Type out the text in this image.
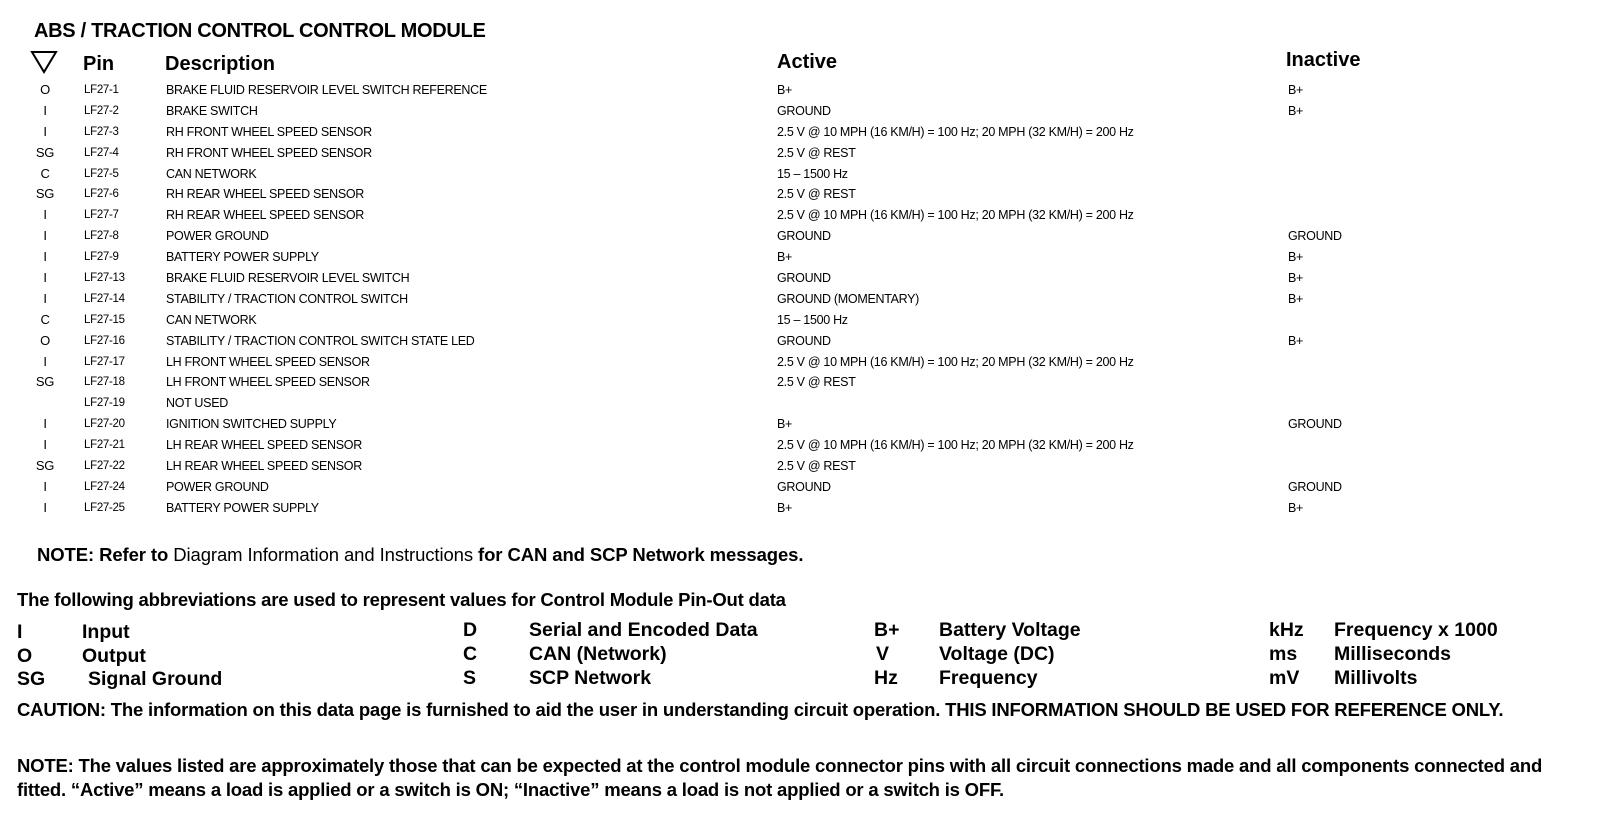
ABS / TRACTION CONTROL CONTROL MODULE
Pin	Description	Active	Inactive
O	LF27-1	BRAKE FLUID RESERVOIR LEVEL SWITCH REFERENCE	B+	B+
I	LF27-2	BRAKE SWITCH	GROUND	B+
I	LF27-3	RH FRONT WHEEL SPEED SENSOR	2.5 V @ 10 MPH (16 KM/H) = 100 Hz; 20 MPH (32 KM/H) = 200 Hz
SG	LF27-4	RH FRONT WHEEL SPEED SENSOR	2.5 V @ REST
C	LF27-5	CAN NETWORK	15 – 1500 Hz
SG	LF27-6	RH REAR WHEEL SPEED SENSOR	2.5 V @ REST
I	LF27-7	RH REAR WHEEL SPEED SENSOR	2.5 V @ 10 MPH (16 KM/H) = 100 Hz; 20 MPH (32 KM/H) = 200 Hz
I	LF27-8	POWER GROUND	GROUND	GROUND
I	LF27-9	BATTERY POWER SUPPLY	B+	B+
I	LF27-13	BRAKE FLUID RESERVOIR LEVEL SWITCH	GROUND	B+
I	LF27-14	STABILITY / TRACTION CONTROL SWITCH	GROUND (MOMENTARY)	B+
C	LF27-15	CAN NETWORK	15 – 1500 Hz
O	LF27-16	STABILITY / TRACTION CONTROL SWITCH STATE LED	GROUND	B+
I	LF27-17	LH FRONT WHEEL SPEED SENSOR	2.5 V @ 10 MPH (16 KM/H) = 100 Hz; 20 MPH (32 KM/H) = 200 Hz
SG	LF27-18	LH FRONT WHEEL SPEED SENSOR	2.5 V @ REST
LF27-19	NOT USED
I	LF27-20	IGNITION SWITCHED SUPPLY	B+	GROUND
I	LF27-21	LH REAR WHEEL SPEED SENSOR	2.5 V @ 10 MPH (16 KM/H) = 100 Hz; 20 MPH (32 KM/H) = 200 Hz
SG	LF27-22	LH REAR WHEEL SPEED SENSOR	2.5 V @ REST
I	LF27-24	POWER GROUND	GROUND	GROUND
I	LF27-25	BATTERY POWER SUPPLY	B+	B+
NOTE: Refer to Diagram Information and Instructions for CAN and SCP Network messages.
The following abbreviations are used to represent values for Control Module Pin-Out data
I	Input
O	Output
SG Signal Ground
D	Serial and Encoded Data
C	CAN (Network)
S	SCP Network
B+ Battery Voltage
V	Voltage (DC)
Hz Frequency
kHz Frequency x 1000
ms Milliseconds
mV Millivolts
CAUTION: The information on this data page is furnished to aid the user in understanding circuit operation. THIS INFORMATION SHOULD BE USED FOR REFERENCE ONLY.
NOTE: The values listed are approximately those that can be expected at the control module connector pins with all circuit connections made and all components connected and fitted. “Active” means a load is applied or a switch is ON; “Inactive” means a load is not applied or a switch is OFF.
